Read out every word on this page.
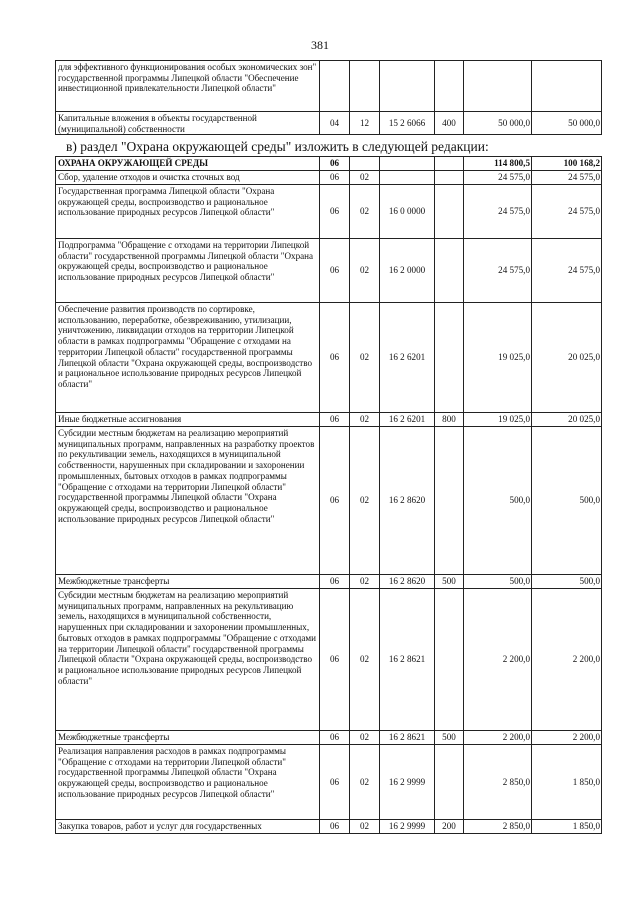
381
для эффективного функционирования особых экономических зон" государственной программы Липецкой области "Обеспечение инвестиционной привлекательности Липецкой области"						
Капитальные вложения в объекты государственной (муниципальной) собственности	04	12	15 2 6066	400	50 000,0	50 000,0
в) раздел "Охрана окружающей среды" изложить в следующей редакции:
ОХРАНА ОКРУЖАЮЩЕЙ СРЕДЫ	06				114 800,5	100 168,2
Сбор, удаление отходов и очистка сточных вод	06	02			24 575,0	24 575,0
Государственная программа Липецкой области "Охрана окружающей среды, воспроизводство и рациональное использование природных ресурсов Липецкой области"	06	02	16 0 0000		24 575,0	24 575,0
Подпрограмма "Обращение с отходами на территории Липецкой области" государственной программы Липецкой области "Охрана окружающей среды, воспроизводство и рациональное использование природных ресурсов Липецкой области"	06	02	16 2 0000		24 575,0	24 575,0
Обеспечение развития производств по сортировке, использованию, переработке, обезвреживанию, утилизации, уничтожению, ликвидации отходов на территории Липецкой области в рамках подпрограммы "Обращение с отходами на территории Липецкой области" государственной программы Липецкой области "Охрана окружающей среды, воспроизводство и рациональное использование природных ресурсов Липецкой области"	06	02	16 2 6201		19 025,0	20 025,0
Иные бюджетные ассигнования	06	02	16 2 6201	800	19 025,0	20 025,0
Субсидии местным бюджетам на реализацию мероприятий муниципальных программ, направленных на разработку проектов по рекультивации земель, находящихся в муниципальной собственности, нарушенных при складировании и захоронении промышленных, бытовых отходов в рамках подпрограммы "Обращение с отходами на территории Липецкой области" государственной программы Липецкой области "Охрана окружающей среды, воспроизводство и рациональное использование природных ресурсов Липецкой области"	06	02	16 2 8620		500,0	500,0
Межбюджетные трансферты	06	02	16 2 8620	500	500,0	500,0
Субсидии местным бюджетам на реализацию мероприятий муниципальных программ, направленных на рекультивацию земель, находящихся в муниципальной собственности, нарушенных при складировании и захоронении промышленных, бытовых отходов в рамках подпрограммы "Обращение с отходами на территории Липецкой области" государственной программы Липецкой области "Охрана окружающей среды, воспроизводство и рациональное использование природных ресурсов Липецкой области"	06	02	16 2 8621		2 200,0	2 200,0
Межбюджетные трансферты	06	02	16 2 8621	500	2 200,0	2 200,0
Реализация направления расходов в рамках подпрограммы "Обращение с отходами на территории Липецкой области" государственной программы Липецкой области "Охрана окружающей среды, воспроизводство и рациональное использование природных ресурсов Липецкой области"	06	02	16 2 9999		2 850,0	1 850,0
Закупка товаров, работ и услуг для государственных	06	02	16 2 9999	200	2 850,0	1 850,0
